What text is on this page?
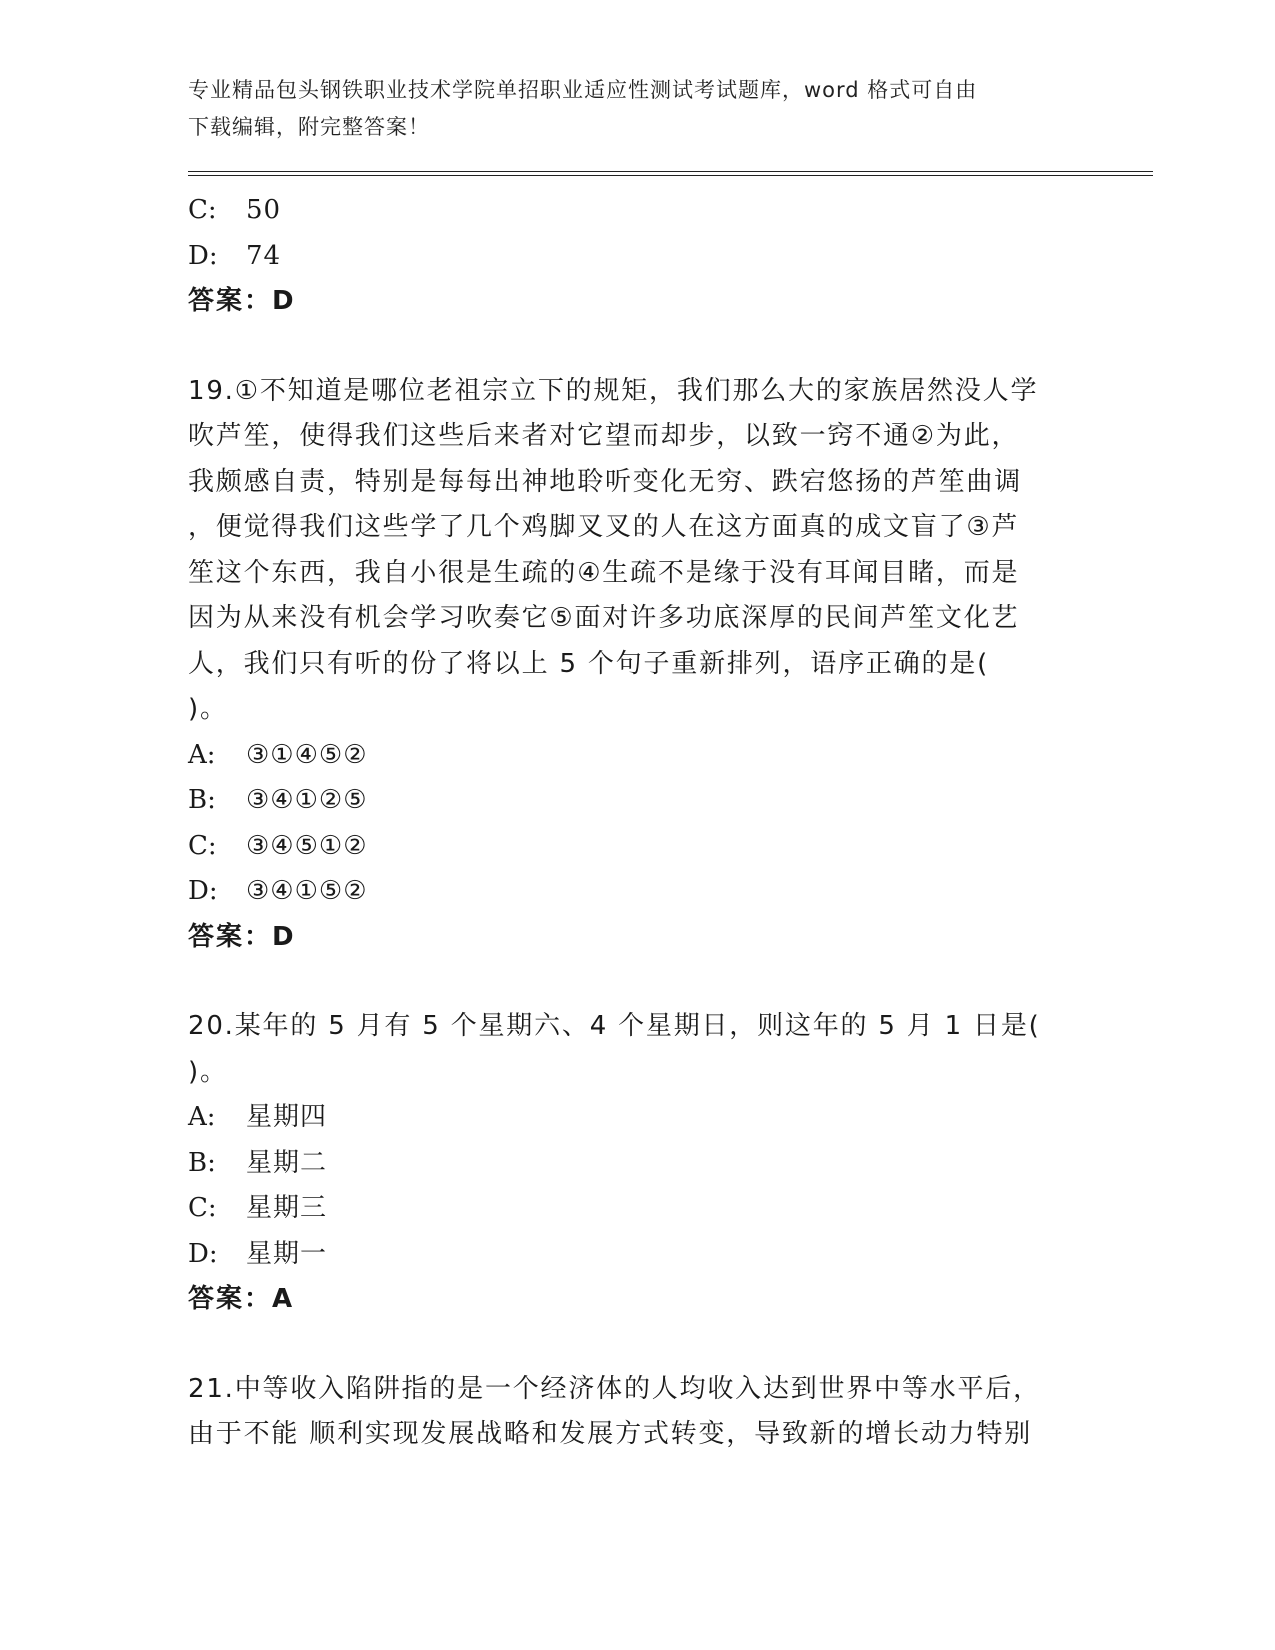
专业精品包头钢铁职业技术学院单招职业适应性测试考试题库，word 格式可自由
下载编辑，附完整答案！
C:	50
D:	74
答案：D
19.①不知道是哪位老祖宗立下的规矩，我们那么大的家族居然没人学
吹芦笙，使得我们这些后来者对它望而却步，以致一窍不通②为此，
我颇感自责，特别是每每出神地聆听变化无穷、跌宕悠扬的芦笙曲调
，便觉得我们这些学了几个鸡脚叉叉的人在这方面真的成文盲了③芦
笙这个东西，我自小很是生疏的④生疏不是缘于没有耳闻目睹，而是
因为从来没有机会学习吹奏它⑤面对许多功底深厚的民间芦笙文化艺
人，我们只有听的份了将以上 5 个句子重新排列，语序正确的是(
)。
A:	③①④⑤②
B:	③④①②⑤
C:	③④⑤①②
D:	③④①⑤②
答案：D
20.某年的 5 月有 5 个星期六、4 个星期日，则这年的 5 月 1 日是(
)。
A:	星期四
B:	星期二
C:	星期三
D:	星期一
答案：A
21.中等收入陷阱指的是一个经济体的人均收入达到世界中等水平后，
由于不能 顺利实现发展战略和发展方式转变，导致新的增长动力特别
